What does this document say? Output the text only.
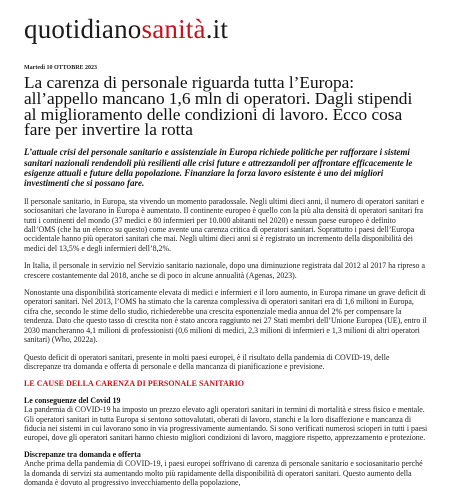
quotidianosanità.it
Martedì 10 OTTOBRE 2023
La carenza di personale riguarda tutta l’Europa: all’appello mancano 1,6 mln di operatori. Dagli stipendi al miglioramento delle condizioni di lavoro. Ecco cosa fare per invertire la rotta
L’attuale crisi del personale sanitario e assistenziale in Europa richiede politiche per rafforzare i sistemi sanitari nazionali rendendoli più resilienti alle crisi future e attrezzandoli per affrontare efficacemente le esigenze attuali e future della popolazione. Finanziare la forza lavoro esistente è uno dei migliori investimenti che si possano fare.

Il personale sanitario, in Europa, sta vivendo un momento paradossale. Negli ultimi dieci anni, il numero di operatori sanitari e sociosanitari che lavorano in Europa è aumentato. Il continente europeo è quello con la più alta densità di operatori sanitari fra tutti i continenti del mondo (37 medici e 80 infermieri per 10.000 abitanti nel 2020) e nessun paese europeo è definito dall’OMS (che ha un elenco su questo) come avente una carenza critica di operatori sanitari. Soprattutto i paesi dell’Europa occidentale hanno più operatori sanitari che mai. Negli ultimi dieci anni si è registrato un incremento della disponibilità dei medici del 13,5% e degli infermieri dell’8,2%.

In Italia, il personale in servizio nel Servizio sanitario nazionale, dopo una diminuzione registrata dal 2012 al 2017 ha ripreso a crescere costantemente dal 2018, anche se di poco in alcune annualità (Agenas, 2023).

Nonostante una disponibilità storicamente elevata di medici e infermieri e il loro aumento, in Europa rimane un grave deficit di operatori sanitari. Nel 2013, l’OMS ha stimato che la carenza complessiva di operatori sanitari era di 1,6 milioni in Europa, cifra che, secondo le stime dello studio, richiederebbe una crescita esponenziale media annua del 2% per compensare la tendenza. Dato che questo tasso di crescita non è stato ancora raggiunto nei 27 Stati membri dell’Unione Europea (UE), entro il 2030 mancheranno 4,1 milioni di professionisti (0,6 milioni di medici, 2,3 milioni di infermieri e 1,3 milioni di altri operatori sanitari) (Who, 2022a).

Questo deficit di operatori sanitari, presente in molti paesi europei, è il risultato della pandemia di COVID-19, delle discrepanze tra domanda e offerta di personale e della mancanza di pianificazione e previsione.

LE CAUSE DELLA CARENZA DI PERSONALE SANITARIO
Le conseguenze del Covid 19

La pandemia di COVID-19 ha imposto un prezzo elevato agli operatori sanitari in termini di mortalità e stress fisico e mentale. Gli operatori sanitari in tutta Europa si sentono sottovalutati, oberati di lavoro, stanchi e la loro disaffezione e mancanza di fiducia nei sistemi in cui lavorano sono in via progressivamente aumentando. Si sono verificati numerosi scioperi in tutti i paesi europei, dove gli operatori sanitari hanno chiesto migliori condizioni di lavoro, maggiore rispetto, apprezzamento e protezione.

Discrepanze tra domanda e offerta

Anche prima della pandemia di COVID-19, i paesi europei soffrivano di carenza di personale sanitario e sociosanitario perché la domanda di servizi sta aumentando molto più rapidamente della disponibilità di operatori sanitari. Questo aumento della domanda è dovuto al progressivo invecchiamento della popolazione,
